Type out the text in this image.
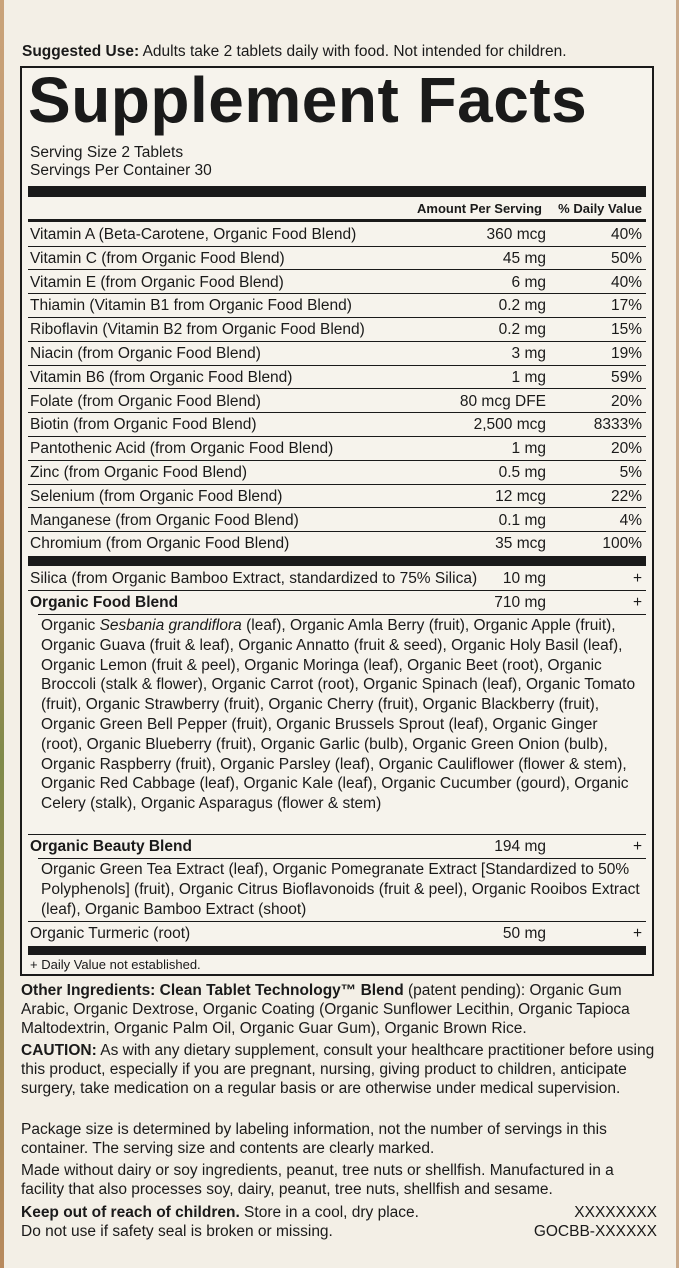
Suggested Use: Adults take 2 tablets daily with food. Not intended for children.
Supplement Facts
Serving Size 2 Tablets
Servings Per Container 30
Amount Per Serving % Daily Value
Vitamin A (Beta-Carotene, Organic Food Blend)	360 mcg	40%
Vitamin C (from Organic Food Blend)	45 mg	50%
Vitamin E (from Organic Food Blend)	6 mg	40%
Thiamin (Vitamin B1 from Organic Food Blend)	0.2 mg	17%
Riboflavin (Vitamin B2 from Organic Food Blend)	0.2 mg	15%
Niacin (from Organic Food Blend)	3 mg	19%
Vitamin B6 (from Organic Food Blend)	1 mg	59%
Folate (from Organic Food Blend)	80 mcg DFE	20%
Biotin (from Organic Food Blend)	2,500 mcg	8333%
Pantothenic Acid (from Organic Food Blend)	1 mg	20%
Zinc (from Organic Food Blend)	0.5 mg	5%
Selenium (from Organic Food Blend)	12 mcg	22%
Manganese (from Organic Food Blend)	0.1 mg	4%
Chromium (from Organic Food Blend)	35 mcg	100%
Silica (from Organic Bamboo Extract, standardized to 75% Silica) 10 mg	+
Organic Food Blend	710 mg	+
Organic Sesbania grandiflora (leaf), Organic Amla Berry (fruit), Organic Apple (fruit), Organic Guava (fruit & leaf), Organic Annatto (fruit & seed), Organic Holy Basil (leaf), Organic Lemon (fruit & peel), Organic Moringa (leaf), Organic Beet (root), Organic Broccoli (stalk & flower), Organic Carrot (root), Organic Spinach (leaf), Organic Tomato (fruit), Organic Strawberry (fruit), Organic Cherry (fruit), Organic Blackberry (fruit), Organic Green Bell Pepper (fruit), Organic Brussels Sprout (leaf), Organic Ginger (root), Organic Blueberry (fruit), Organic Garlic (bulb), Organic Green Onion (bulb), Organic Raspberry (fruit), Organic Parsley (leaf), Organic Cauliflower (flower & stem), Organic Red Cabbage (leaf), Organic Kale (leaf), Organic Cucumber (gourd), Organic Celery (stalk), Organic Asparagus (flower & stem)
Organic Beauty Blend	194 mg	+
Organic Green Tea Extract (leaf), Organic Pomegranate Extract [Standardized to 50% Polyphenols] (fruit), Organic Citrus Bioflavonoids (fruit & peel), Organic Rooibos Extract (leaf), Organic Bamboo Extract (shoot)
Organic Turmeric (root)	50 mg	+
+ Daily Value not established.
Other Ingredients: Clean Tablet Technology™ Blend (patent pending): Organic Gum Arabic, Organic Dextrose, Organic Coating (Organic Sunflower Lecithin, Organic Tapioca Maltodextrin, Organic Palm Oil, Organic Guar Gum), Organic Brown Rice.
CAUTION: As with any dietary supplement, consult your healthcare practitioner before using this product, especially if you are pregnant, nursing, giving product to children, anticipate surgery, take medication on a regular basis or are otherwise under medical supervision.
Package size is determined by labeling information, not the number of servings in this container. The serving size and contents are clearly marked.
Made without dairy or soy ingredients, peanut, tree nuts or shellfish. Manufactured in a facility that also processes soy, dairy, peanut, tree nuts, shellfish and sesame.
Keep out of reach of children. Store in a cool, dry place.
Do not use if safety seal is broken or missing.
XXXXXXXX
GOCBB-XXXXXX
